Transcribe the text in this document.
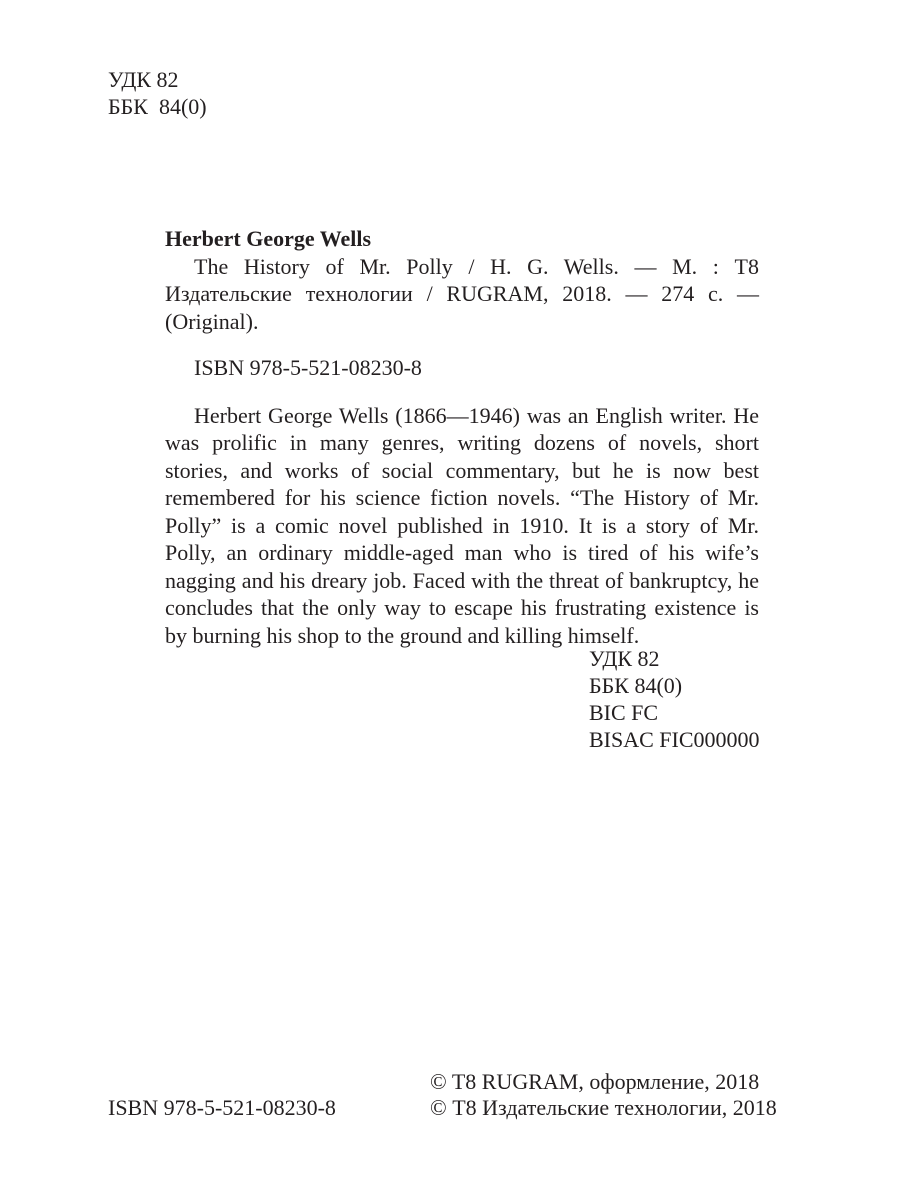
УДК 82
ББК  84(0)

Herbert George Wells

The History of Mr. Polly / H. G. Wells. — М. : Т8 Издательские технологии / RUGRAM, 2018. — 274 с. — (Original).

ISBN 978-5-521-08230-8

Herbert George Wells (1866—1946) was an English writer. He was prolific in many genres, writing dozens of novels, short stories, and works of social commentary, but he is now best remembered for his science fiction novels. “The History of Mr. Polly” is a comic novel published in 1910. It is a story of Mr. Polly, an ordinary middle-aged man who is tired of his wife’s nagging and his dreary job. Faced with the threat of bankruptcy, he concludes that the only way to escape his frustrating existence is by burning his shop to the ground and killing himself.

УДК 82
ББК 84(0)
BIC FC
BISAC FIC000000
ISBN 978-5-521-08230-8
© T8 RUGRAM, оформление, 2018
© Т8 Издательские технологии, 2018
